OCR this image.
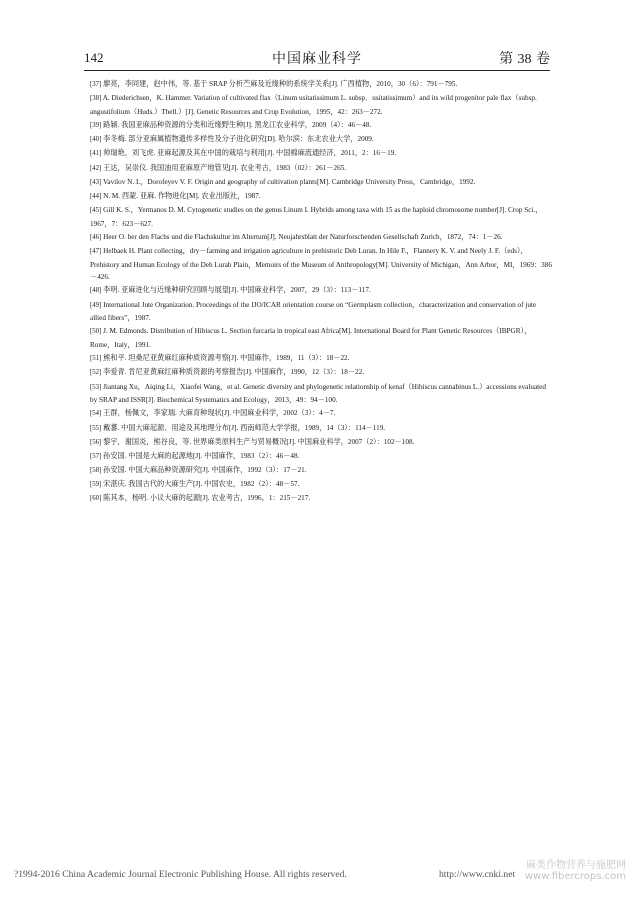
142	中国麻业科学	第 38 卷
[37] 廖亮，李同建，赵中伟，等. 基于 SRAP 分析苎麻及近缘种的系统学关系[J]. 广西植物，2010，30（6）：791－795.
[38] A. Diederichsen，K. Hammer. Variation of cultivated flax（Linum usitatissimum L. subsp．usitatissimum）and its wild progenitor pale flax（subsp. angustifolium（Huds.）Thell.）[J]. Genetic Resources and Crop Evolution，1995，42：263－272.
[39] 路颖. 我国亚麻品种资源的分类和近缘野生种[J]. 黑龙江农业科学，2009（4）：46－48.
[40] 李冬梅. 部分亚麻属植物遗传多样性及分子进化研究[D]. 哈尔滨：东北农业大学，2009.
[41] 帅瑞艳，刘飞虎. 亚麻起源及其在中国的栽培与利用[J]. 中国棉麻流通经济，2011，2：16－19.
[42] 王达，吴崇仪. 我国油用亚麻原产地管见[J]. 农业考古，1983（02）：261－265.
[43] Vavilov N. I.，Dorofeyev V. F. Origin and geography of cultivation plants[M]. Cambridge University Press，Cambridge，1992.
[44] N. M. 西蒙. 亚麻. 作物进化[M]. 农业出版社，1987.
[45] Gill K. S.，Yermanos D. M. Cytogenetic studies on the genus Linum I. Hybrids among taxa with 15 as the haploid chromosome number[J]. Crop Sci.，1967，7：623－627.
[46] Heer O. ber den Flachs und die Flachskultur im Altertum[J]. Neujahrsblatt der Naturforschenden Gesellschaft Zurich，1872，74：1－26.
[47] Helbaek H. Plant collecting，dry－farming and irrigation agriculture in prehistoric Deh Luran. In Hile F.，Flannery K. V. and Neely J. F.（eds），Prehistory and Human Ecology of the Deh Lurah Plain，Memoirs of the Museum of Anthropology[M]. University of Michigan，Ann Arbor，MI，1969：386－426.
[48] 李明. 亚麻进化与近缘种研究回顾与展望[J]. 中国麻业科学，2007，29（3）：113－117.
[49] International Jute Organization. Proceedings of the IJO/ICAR orientation course on “Germplasm collection，characterization and conservation of jute allied fibers”，1987.
[50] J. M. Edmonds. Distribution of Hibiscus L. Section furcaria in tropical east Africa[M]. International Board for Plant Genetic Resources（IBPGR），Rome，Italy，1991.
[51] 熊和平. 坦桑尼亚黄麻红麻种质资源考察[J]. 中国麻作，1989，11（3）：18－22.
[52] 李爱青. 肯尼亚黄麻红麻种质资源的考察报告[J]. 中国麻作，1990，12（3）：18－22.
[53] Jiantang Xu，Aiqing Li，Xiaofei Wang，et al. Genetic diversity and phylogenetic relationship of kenaf（Hibiscus cannabinus L.）accessions evaluated by SRAP and ISSR[J]. Biochemical Systematics and Ecology，2013，49：94－100.
[54] 王群，杨佩文，李家瑞. 大麻育种现状[J]. 中国麻业科学，2002（3）：4－7.
[55] 戴蕃. 中国大麻起源、用途及其地理分布[J]. 西南师范大学学报，1989，14（3）：114－119.
[56] 黎宇，谢国炎，熊谷良，等. 世界麻类原料生产与贸易概况[J]. 中国麻业科学，2007（2）：102－108.
[57] 孙安国. 中国是大麻的起源地[J]. 中国麻作，1983（2）：46－48.
[58] 孙安国. 中国大麻品种资源研究[J]. 中国麻作，1992（3）：17－21.
[59] 宋湛庆. 我国古代的大麻生产[J]. 中国农史，1982（2）：48－57.
[60] 陈其本，杨明. 小议大麻的起源[J]. 农业考古，1996，1：215－217.
?1994-2016 China Academic Journal Electronic Publishing House. All rights reserved.	http://www.cnki.net
麻类作物营养与施肥网
www.fibercrops.com
